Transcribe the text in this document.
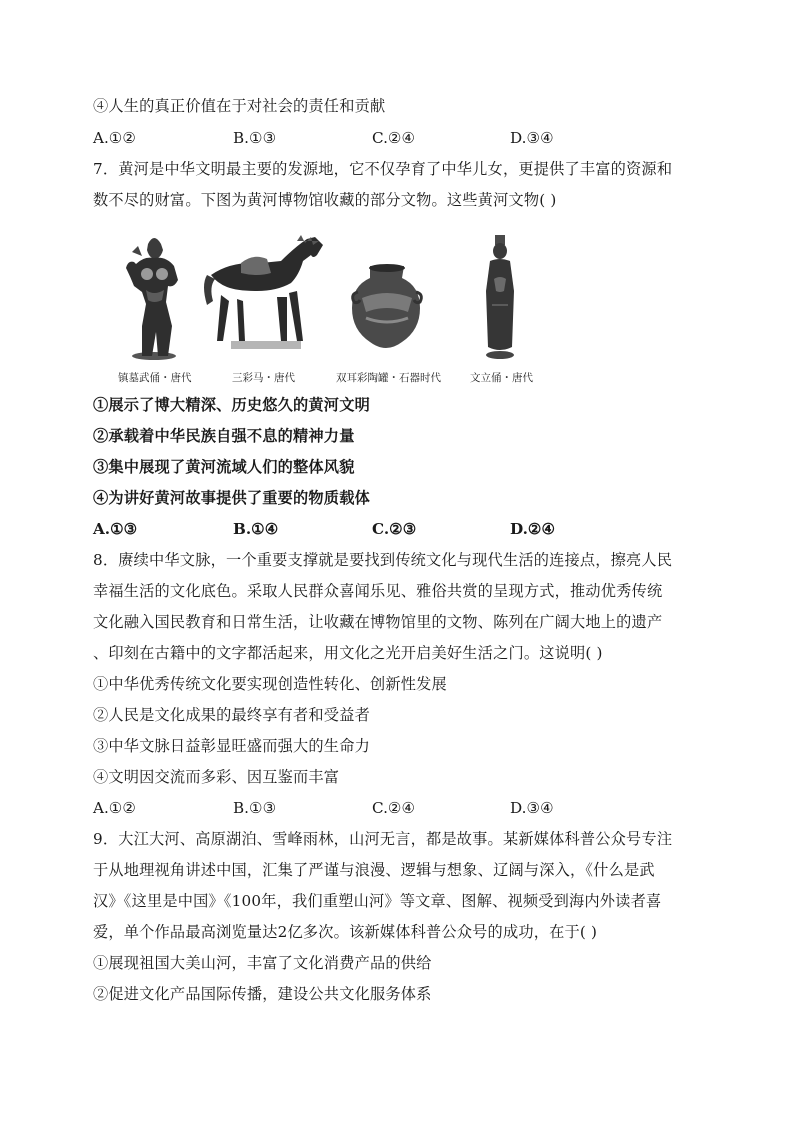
④人生的真正价值在于对社会的责任和贡献
A.①②	B.①③	C.②④	D.③④
7．黄河是中华文明最主要的发源地，它不仅孕育了中华儿女，更提供了丰富的资源和
数不尽的财富。下图为黄河博物馆收藏的部分文物。这些黄河文物( )
镇墓武俑・唐代	三彩马・唐代	双耳彩陶罐・石器时代	文立俑・唐代
①展示了博大精深、历史悠久的黄河文明
②承载着中华民族自强不息的精神力量
③集中展现了黄河流域人们的整体风貌
④为讲好黄河故事提供了重要的物质载体
A.①③	B.①④	C.②③	D.②④
8．赓续中华文脉，一个重要支撑就是要找到传统文化与现代生活的连接点，擦亮人民
幸福生活的文化底色。采取人民群众喜闻乐见、雅俗共赏的呈现方式，推动优秀传统
文化融入国民教育和日常生活，让收藏在博物馆里的文物、陈列在广阔大地上的遗产
、印刻在古籍中的文字都活起来，用文化之光开启美好生活之门。这说明( )
①中华优秀传统文化要实现创造性转化、创新性发展
②人民是文化成果的最终享有者和受益者
③中华文脉日益彰显旺盛而强大的生命力
④文明因交流而多彩、因互鉴而丰富
A.①②	B.①③	C.②④	D.③④
9．大江大河、高原湖泊、雪峰雨林，山河无言，都是故事。某新媒体科普公众号专注
于从地理视角讲述中国，汇集了严谨与浪漫、逻辑与想象、辽阔与深入，《什么是武
汉》《这里是中国》《100年，我们重塑山河》等文章、图解、视频受到海内外读者喜
爱，单个作品最高浏览量达2亿多次。该新媒体科普公众号的成功，在于( )
①展现祖国大美山河，丰富了文化消费产品的供给
②促进文化产品国际传播，建设公共文化服务体系
